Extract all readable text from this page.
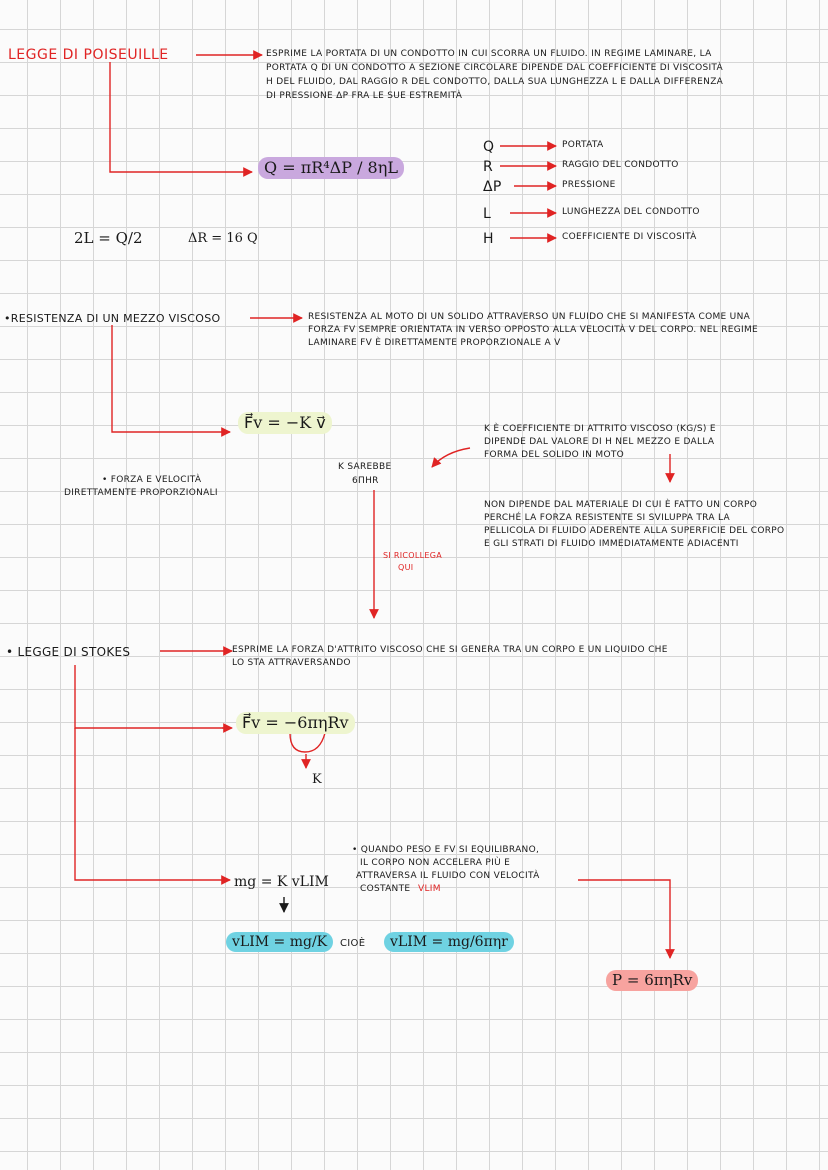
LEGGE DI POISEUILLE	ESPRIME LA PORTATA DI UN CONDOTTO IN CUI SCORRA UN FLUIDO. IN REGIME LAMINARE, LA
PORTATA Q DI UN CONDOTTO A SEZIONE CIRCOLARE DIPENDE DAL COEFFICIENTE DI VISCOSITÀ
Η DEL FLUIDO, DAL RAGGIO R DEL CONDOTTO, DALLA SUA LUNGHEZZA L E DALLA DIFFERENZA
DI PRESSIONE ΔP FRA LE SUE ESTREMITÀ
Q = πR⁴ΔP / 8ηL
Q	PORTATA
R	RAGGIO DEL CONDOTTO
ΔP	PRESSIONE
L	LUNGHEZZA DEL CONDOTTO
Η	COEFFICIENTE DI VISCOSITÀ
2L = Q/2	ΔR = 16 Q
•RESISTENZA DI UN MEZZO VISCOSO	RESISTENZA AL MOTO DI UN SOLIDO ATTRAVERSO UN FLUIDO CHE SI MANIFESTA COME UNA
FORZA FV SEMPRE ORIENTATA IN VERSO OPPOSTO ALLA VELOCITÀ V DEL CORPO. NEL REGIME
LAMINARE FV È DIRETTAMENTE PROPORZIONALE A V
F⃗v = −K v⃗
• FORZA E VELOCITÀ
DIRETTAMENTE PROPORZIONALI
K SAREBBE
6ΠΗR
K È COEFFICIENTE DI ATTRITO VISCOSO (KG/S) E
DIPENDE DAL VALORE DI Η NEL MEZZO E DALLA
FORMA DEL SOLIDO IN MOTO
NON DIPENDE DAL MATERIALE DI CUI È FATTO UN CORPO
PERCHÉ LA FORZA RESISTENTE SI SVILUPPA TRA LA
PELLICOLA DI FLUIDO ADERENTE ALLA SUPERFICIE DEL CORPO
E GLI STRATI DI FLUIDO IMMEDIATAMENTE ADIACENTI
SI RICOLLEGA
QUI
• LEGGE DI STOKES	ESPRIME LA FORZA D'ATTRITO VISCOSO CHE SI GENERA TRA UN CORPO E UN LIQUIDO CHE
LO STA ATTRAVERSANDO
F⃗v = −6πηRv
K
mg = K vLIM
vLIM = mg/K	CIOÈ	vLIM = mg/6πηr
• QUANDO PESO E FV SI EQUILIBRANO,
IL CORPO NON ACCELERA PIÙ E
ATTRAVERSA IL FLUIDO CON VELOCITÀ
COSTANTE VLIM
P = 6πηRv
